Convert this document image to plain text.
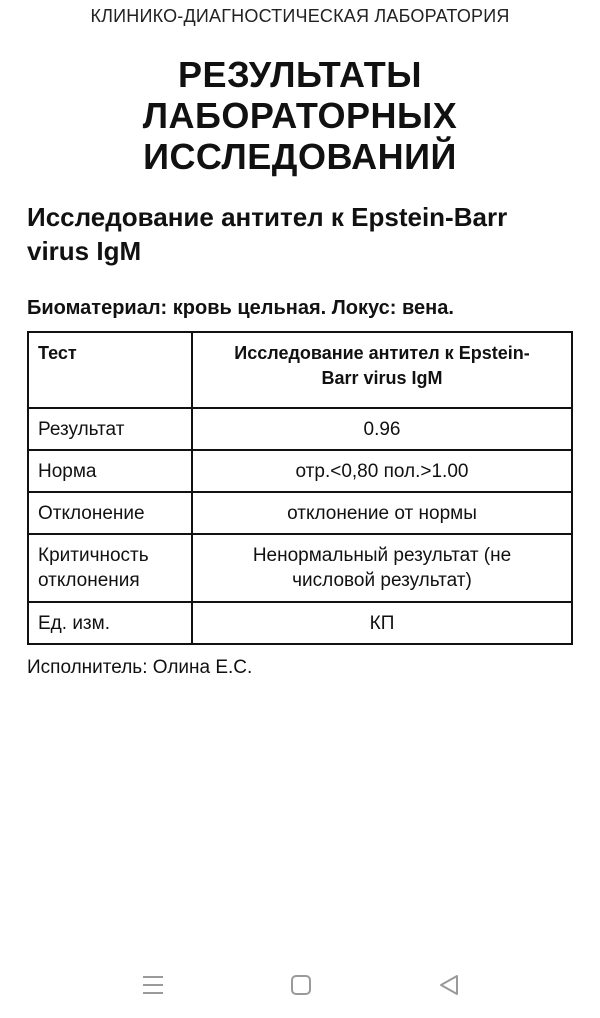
КЛИНИКО-ДИАГНОСТИЧЕСКАЯ ЛАБОРАТОРИЯ
РЕЗУЛЬТАТЫ
ЛАБОРАТОРНЫХ
ИССЛЕДОВАНИЙ
Исследование антител к Epstein-Barr
virus IgM
Биоматериал: кровь цельная. Локус: вена.
Тест	Исследование антител к Epstein-
Barr virus IgM
Результат	0.96
Норма	отр.<0,80 пол.>1.00
Отклонение	отклонение от нормы
Критичность
отклонения	Ненормальный результат (не
числовой результат)
Ед. изм.	КП
Исполнитель: Олина Е.С.
